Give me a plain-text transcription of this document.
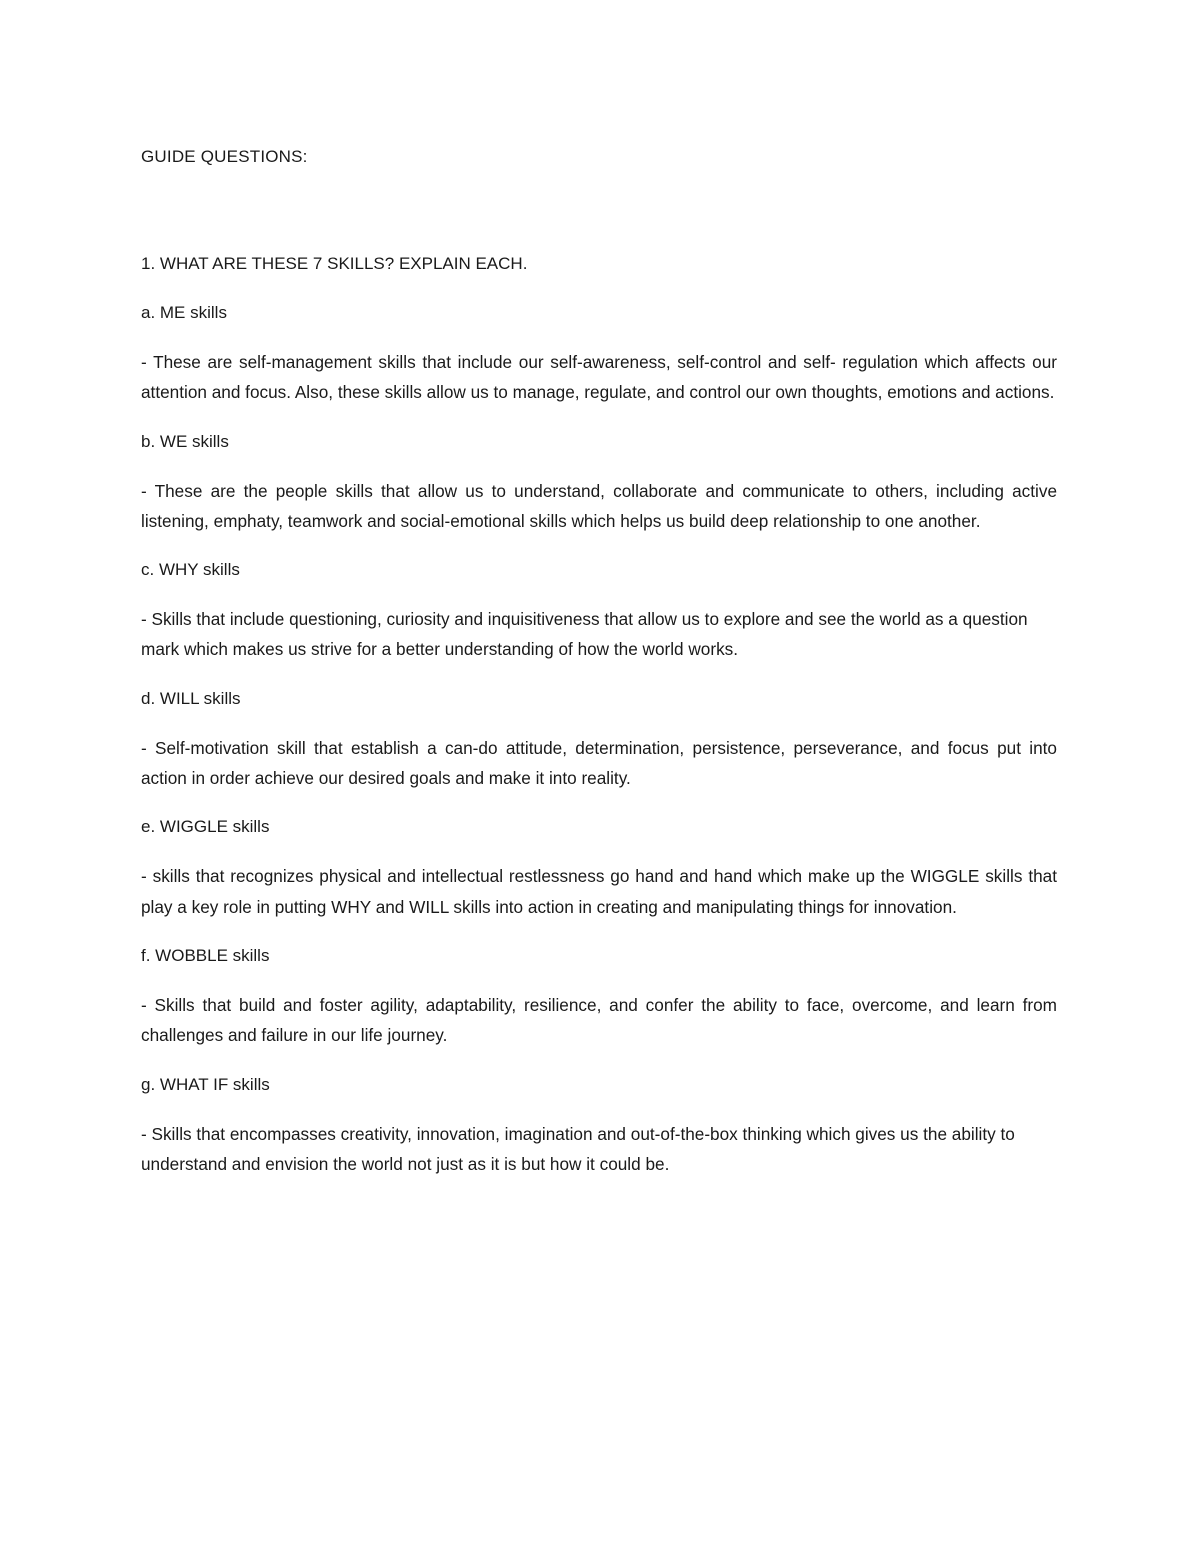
GUIDE QUESTIONS:
1. WHAT ARE THESE 7 SKILLS? EXPLAIN EACH.
a. ME skills
- These are self-management skills that include our self-awareness, self-control and self- regulation which affects our attention and focus. Also, these skills allow us to manage, regulate, and control our own thoughts, emotions and actions.
b. WE skills
- These are the people skills that allow us to understand, collaborate and communicate to others, including active listening, emphaty, teamwork and social-emotional skills which helps us build deep relationship to one another.
c. WHY skills
- Skills that include questioning, curiosity and inquisitiveness that allow us to explore and see the world as a question mark which makes us strive for a better understanding of how the world works.
d. WILL skills
- Self-motivation skill that establish a can-do attitude, determination, persistence, perseverance, and focus put into action in order achieve our desired goals and make it into reality.
e. WIGGLE skills
- skills that recognizes physical and intellectual restlessness go hand and hand which make up the WIGGLE skills that play a key role in putting WHY and WILL skills into action in creating and manipulating things for innovation.
f. WOBBLE skills
- Skills that build and foster agility, adaptability, resilience, and confer the ability to face, overcome, and learn from challenges and failure in our life journey.
g. WHAT IF skills
- Skills that encompasses creativity, innovation, imagination and out-of-the-box thinking which gives us the ability to understand and envision the world not just as it is but how it could be.
